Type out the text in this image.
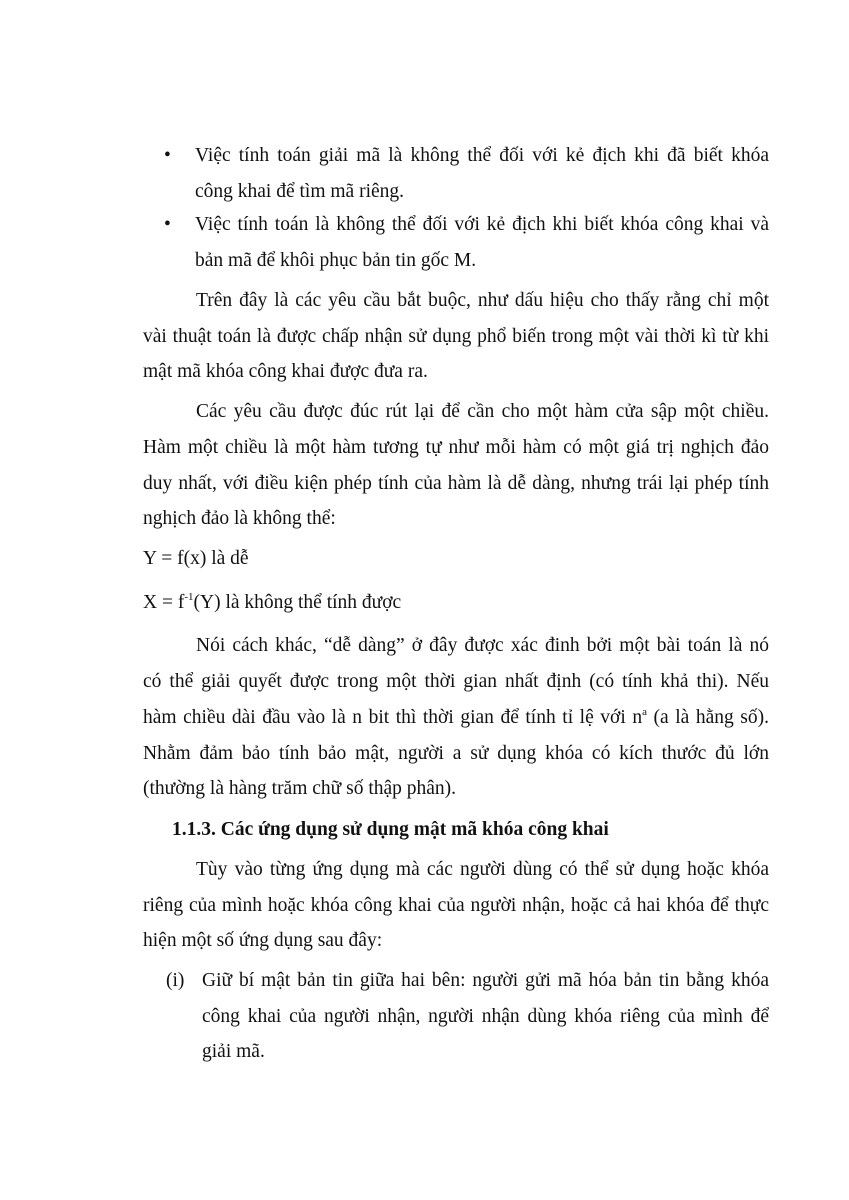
• Việc tính toán giải mã là không thể đối với kẻ địch khi đã biết khóa
công khai để tìm mã riêng.
• Việc tính toán là không thể đối với kẻ địch khi biết khóa công khai và
bản mã để khôi phục bản tin gốc M.
Trên đây là các yêu cầu bắt buộc, như dấu hiệu cho thấy rằng chỉ một
vài thuật toán là được chấp nhận sử dụng phổ biến trong một vài thời kì từ khi
mật mã khóa công khai được đưa ra.
Các yêu cầu được đúc rút lại để cần cho một hàm cửa sập một chiều.
Hàm một chiều là một hàm tương tự như mỗi hàm có một giá trị nghịch đảo
duy nhất, với điều kiện phép tính của hàm là dễ dàng, nhưng trái lại phép tính
nghịch đảo là không thể:
Y = f(x) là dễ
$X = f^{-1}(Y)$ là không thể tính được
Nói cách khác, “dễ dàng” ở đây được xác đinh bởi một bài toán là nó
có thể giải quyết được trong một thời gian nhất định (có tính khả thi). Nếu
hàm chiều dài đầu vào là n bit thì thời gian để tính tỉ lệ với $n^a$ (a là hằng số).
Nhằm đảm bảo tính bảo mật, người a sử dụng khóa có kích thước đủ lớn
(thường là hàng trăm chữ số thập phân).
1.1.3. Các ứng dụng sử dụng mật mã khóa công khai
Tùy vào từng ứng dụng mà các người dùng có thể sử dụng hoặc khóa
riêng của mình hoặc khóa công khai của người nhận, hoặc cả hai khóa để thực
hiện một số ứng dụng sau đây:
(i) Giữ bí mật bản tin giữa hai bên: người gửi mã hóa bản tin bằng khóa
công khai của người nhận, người nhận dùng khóa riêng của mình để
giải mã.
